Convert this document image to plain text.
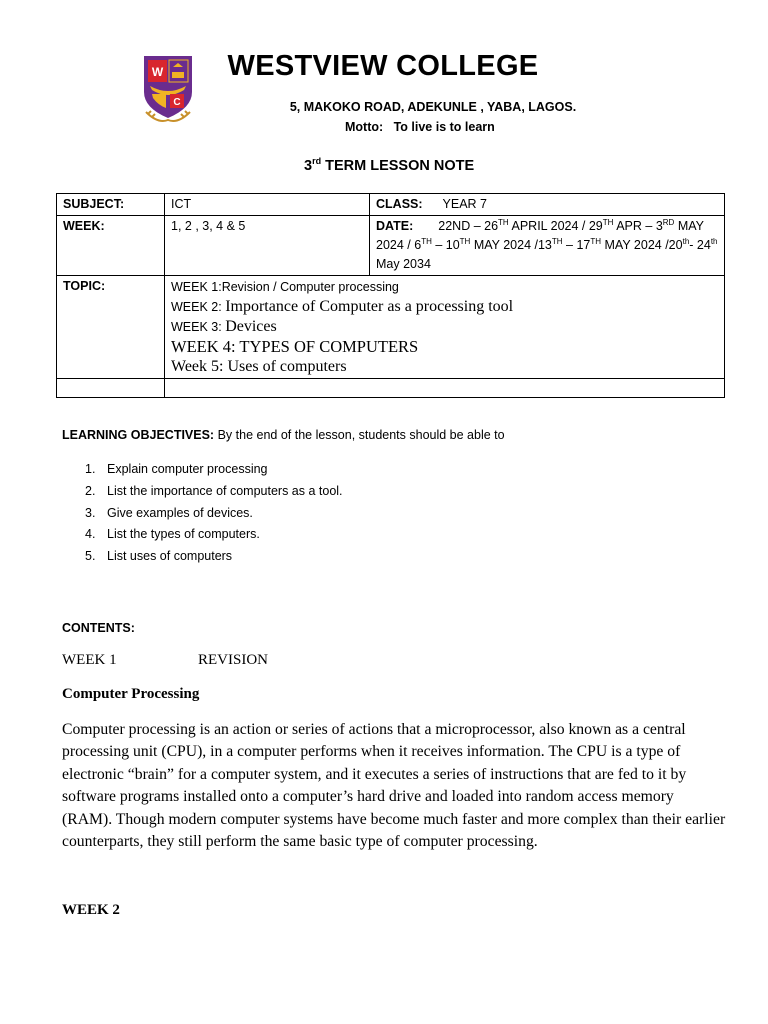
W
C
WESTVIEW COLLEGE
5, MAKOKO ROAD, ADEKUNLE , YABA, LAGOS.
Motto:   To live is to learn
3rd TERM LESSON NOTE
SUBJECT:	ICT	CLASS: YEAR 7
WEEK:	1, 2 , 3, 4 & 5	DATE: 22ND – 26TH APRIL 2024 / 29TH APR – 3RD MAY 2024 / 6TH – 10TH MAY 2024 /13TH – 17TH MAY 2024 /20th- 24th May 2034
TOPIC:	WEEK 1:Revision / Computer processing
WEEK 2: Importance of Computer as a processing tool
WEEK 3: Devices
WEEK 4: TYPES OF COMPUTERS
Week 5: Uses of computers	

LEARNING OBJECTIVES: By the end of the lesson, students should be able to
1. Explain computer processing
2. List the importance of computers as a tool.
3. Give examples of devices.
4. List the types of computers.
5. List uses of computers
CONTENTS:
WEEK 1	REVISION
Computer Processing
Computer processing is an action or series of actions that a microprocessor, also known as a central processing unit (CPU), in a computer performs when it receives information. The CPU is a type of electronic “brain” for a computer system, and it executes a series of instructions that are fed to it by software programs installed onto a computer’s hard drive and loaded into random access memory (RAM). Though modern computer systems have become much faster and more complex than their earlier counterparts, they still perform the same basic type of computer processing.
WEEK 2
